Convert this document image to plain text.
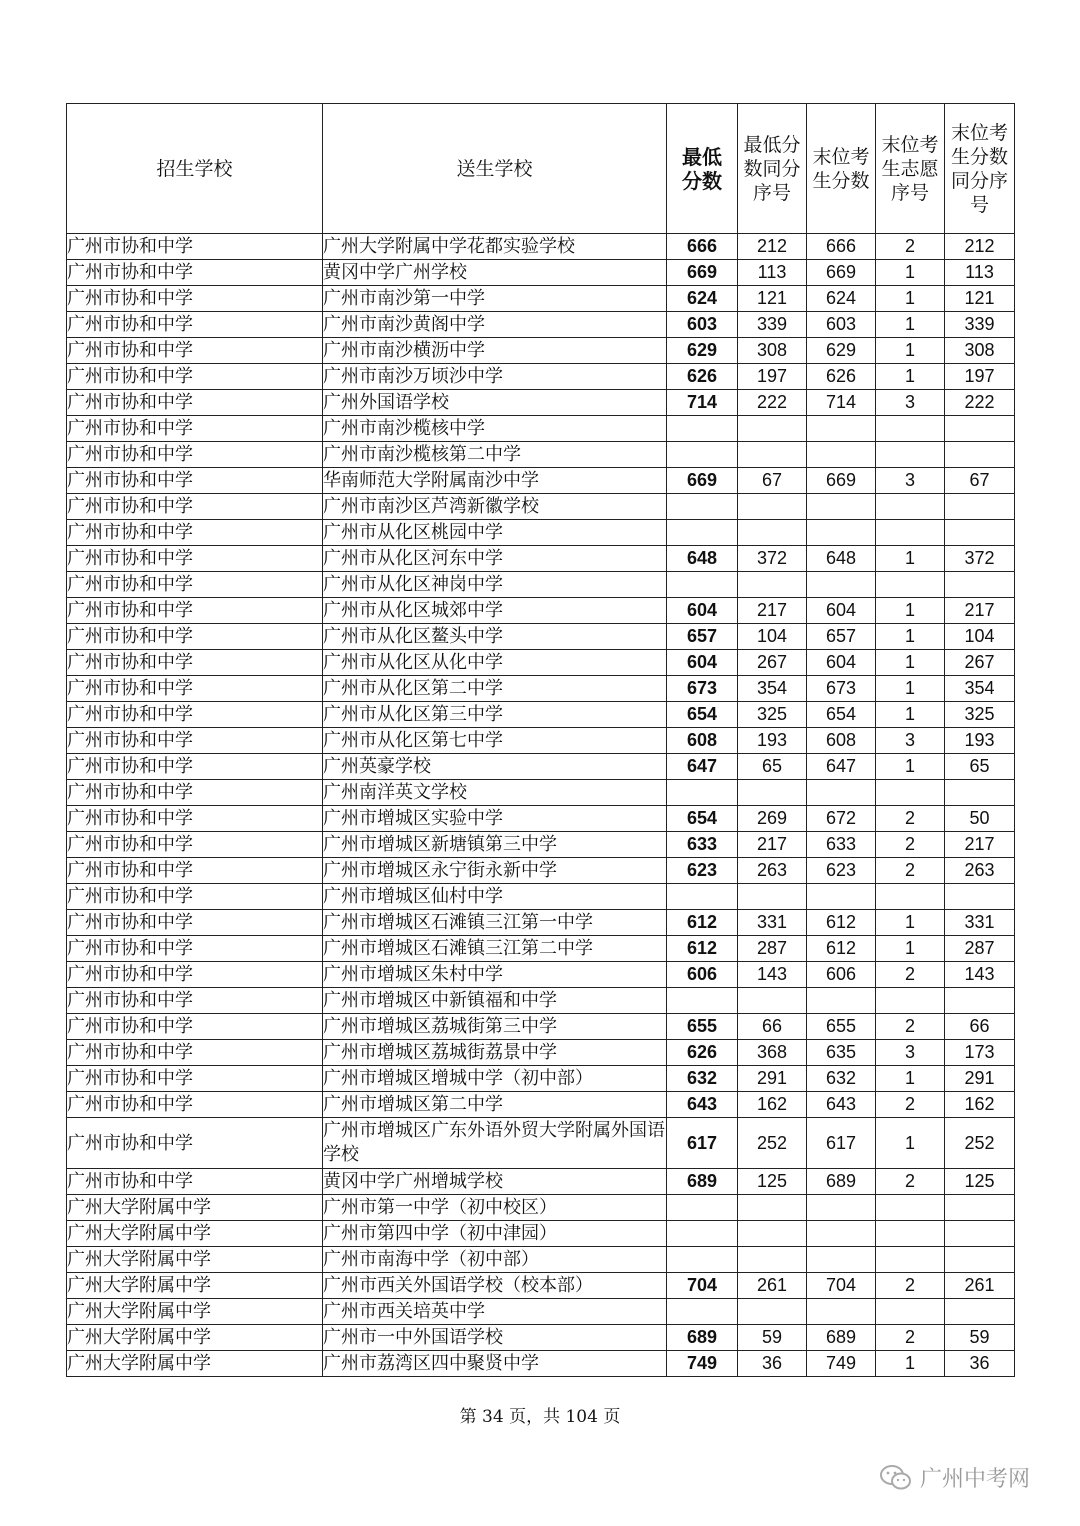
招生学校	送生学校	最低分数	最低分数同分序号	末位考生分数	末位考生志愿序号	末位考生分数同分序号

广州市协和中学	广州大学附属中学花都实验学校	666	212	666	2	212
广州市协和中学	黄冈中学广州学校	669	113	669	1	113
广州市协和中学	广州市南沙第一中学	624	121	624	1	121
广州市协和中学	广州市南沙黄阁中学	603	339	603	1	339
广州市协和中学	广州市南沙横沥中学	629	308	629	1	308
广州市协和中学	广州市南沙万顷沙中学	626	197	626	1	197
广州市协和中学	广州外国语学校	714	222	714	3	222
广州市协和中学	广州市南沙榄核中学					
广州市协和中学	广州市南沙榄核第二中学					
广州市协和中学	华南师范大学附属南沙中学	669	67	669	3	67
广州市协和中学	广州市南沙区芦湾新徽学校					
广州市协和中学	广州市从化区桃园中学					
广州市协和中学	广州市从化区河东中学	648	372	648	1	372
广州市协和中学	广州市从化区神岗中学					
广州市协和中学	广州市从化区城郊中学	604	217	604	1	217
广州市协和中学	广州市从化区鳌头中学	657	104	657	1	104
广州市协和中学	广州市从化区从化中学	604	267	604	1	267
广州市协和中学	广州市从化区第二中学	673	354	673	1	354
广州市协和中学	广州市从化区第三中学	654	325	654	1	325
广州市协和中学	广州市从化区第七中学	608	193	608	3	193
广州市协和中学	广州英豪学校	647	65	647	1	65
广州市协和中学	广州南洋英文学校					
广州市协和中学	广州市增城区实验中学	654	269	672	2	50
广州市协和中学	广州市增城区新塘镇第三中学	633	217	633	2	217
广州市协和中学	广州市增城区永宁街永新中学	623	263	623	2	263
广州市协和中学	广州市增城区仙村中学					
广州市协和中学	广州市增城区石滩镇三江第一中学	612	331	612	1	331
广州市协和中学	广州市增城区石滩镇三江第二中学	612	287	612	1	287
广州市协和中学	广州市增城区朱村中学	606	143	606	2	143
广州市协和中学	广州市增城区中新镇福和中学					
广州市协和中学	广州市增城区荔城街第三中学	655	66	655	2	66
广州市协和中学	广州市增城区荔城街荔景中学	626	368	635	3	173
广州市协和中学	广州市增城区增城中学（初中部）	632	291	632	1	291
广州市协和中学	广州市增城区第二中学	643	162	643	2	162
广州市协和中学	广州市增城区广东外语外贸大学附属外国语学校	617	252	617	1	252
广州市协和中学	黄冈中学广州增城学校	689	125	689	2	125
广州大学附属中学	广州市第一中学（初中校区）					
广州大学附属中学	广州市第四中学（初中津园）					
广州大学附属中学	广州市南海中学（初中部）					
广州大学附属中学	广州市西关外国语学校（校本部）	704	261	704	2	261
广州大学附属中学	广州市西关培英中学					
广州大学附属中学	广州市一中外国语学校	689	59	689	2	59
广州大学附属中学	广州市荔湾区四中聚贤中学	749	36	749	1	36
第 34 页，共 104 页
广州中考网
